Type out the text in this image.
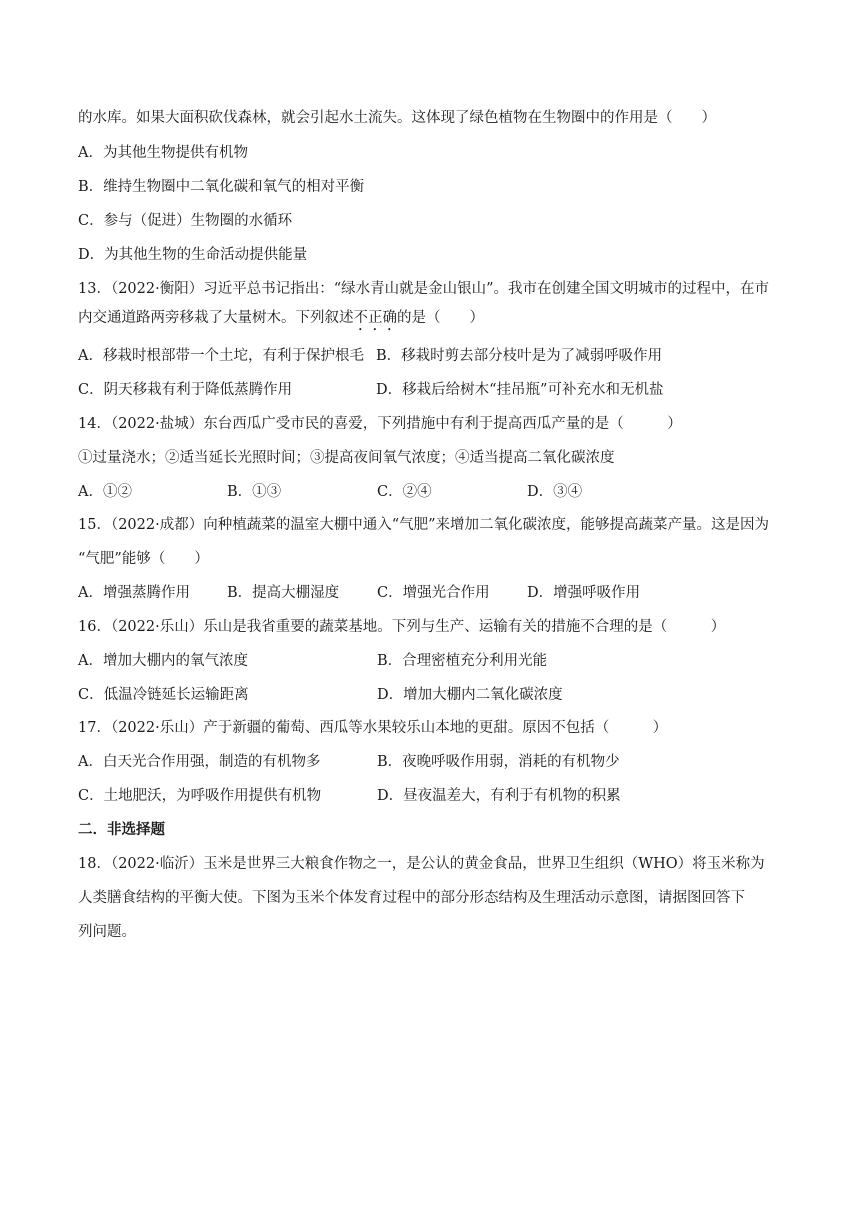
的水库。如果大面积砍伐森林，就会引起水土流失。这体现了绿色植物在生物圈中的作用是（　　）
A．为其他生物提供有机物
B．维持生物圈中二氧化碳和氧气的相对平衡
C．参与（促进）生物圈的水循环
D．为其他生物的生命活动提供能量
13．（2022·衡阳）习近平总书记指出：“绿水青山就是金山银山”。我市在创建全国文明城市的过程中，在市
内交通道路两旁移栽了大量树木。下列叙述不正确的是（　　）
A．移栽时根部带一个土坨，有利于保护根毛 B．移栽时剪去部分枝叶是为了减弱呼吸作用
C．阴天移栽有利于降低蒸腾作用	D．移栽后给树木“挂吊瓶”可补充水和无机盐
14．（2022·盐城）东台西瓜广受市民的喜爱，下列措施中有利于提高西瓜产量的是（　　　）
①过量浇水；②适当延长光照时间；③提高夜间氧气浓度；④适当提高二氧化碳浓度
A．①②	B．①③	C．②④	D．③④
15．（2022·成都）向种植蔬菜的温室大棚中通入“气肥”来增加二氧化碳浓度，能够提高蔬菜产量。这是因为
“气肥”能够（　　）
A．增强蒸腾作用	B．提高大棚湿度	C．增强光合作用	D．增强呼吸作用
16．（2022·乐山）乐山是我省重要的蔬菜基地。下列与生产、运输有关的措施不合理的是（　　　）
A．增加大棚内的氧气浓度	B．合理密植充分利用光能
C．低温冷链延长运输距离	D．增加大棚内二氧化碳浓度
17．（2022·乐山）产于新疆的葡萄、西瓜等水果较乐山本地的更甜。原因不包括（　　　）
A．白天光合作用强，制造的有机物多	B．夜晚呼吸作用弱，消耗的有机物少
C．土地肥沃，为呼吸作用提供有机物	D．昼夜温差大，有利于有机物的积累
二．非选择题
18．（2022·临沂）玉米是世界三大粮食作物之一，是公认的黄金食品，世界卫生组织（WHO）将玉米称为
人类膳食结构的平衡大使。下图为玉米个体发育过程中的部分形态结构及生理活动示意图，请据图回答下
列问题。
